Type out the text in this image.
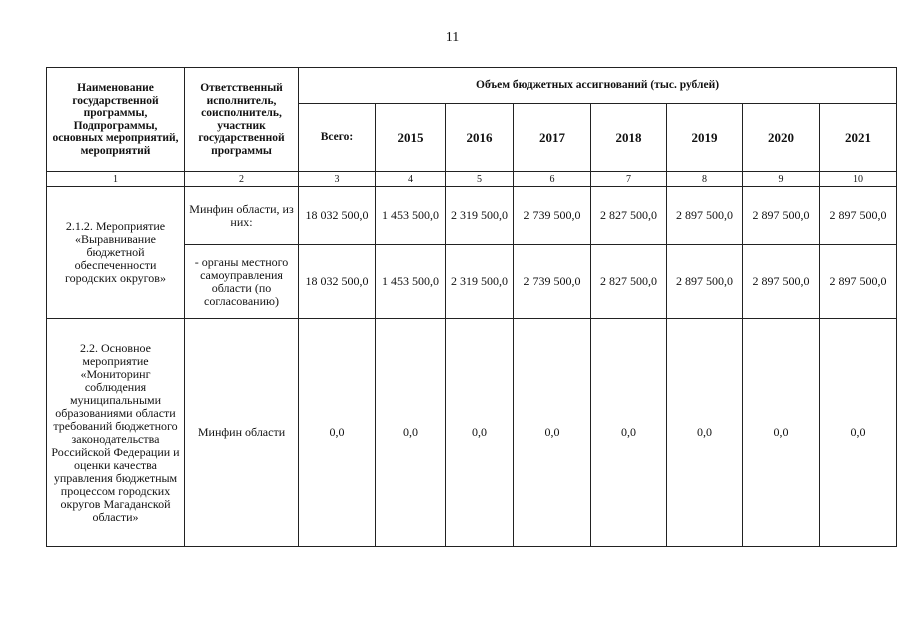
11
Наименование государственной программы, Подпрограммы, основных мероприятий, мероприятий	Ответственный исполнитель, соисполнитель, участник государственной программы	Объем бюджетных ассигнований (тыс. рублей)							
		Всего:	2015	2016	2017	2018	2019	2020	2021
1	2	3	4	5	6	7	8	9	10
2.1.2. Мероприятие «Выравнивание бюджетной обеспеченности городских округов»	Минфин области, из них:	18 032 500,0	1 453 500,0	2 319 500,0	2 739 500,0	2 827 500,0	2 897 500,0	2 897 500,0	2 897 500,0
	- органы местного самоуправления области (по согласованию)	18 032 500,0	1 453 500,0	2 319 500,0	2 739 500,0	2 827 500,0	2 897 500,0	2 897 500,0	2 897 500,0
2.2. Основное мероприятие «Мониторинг соблюдения муниципальными образованиями области требований бюджетного законодательства Российской Федерации и оценки качества управления бюджетным процессом городских округов Магаданской области»	Минфин области	0,0	0,0	0,0	0,0	0,0	0,0	0,0	0,0
